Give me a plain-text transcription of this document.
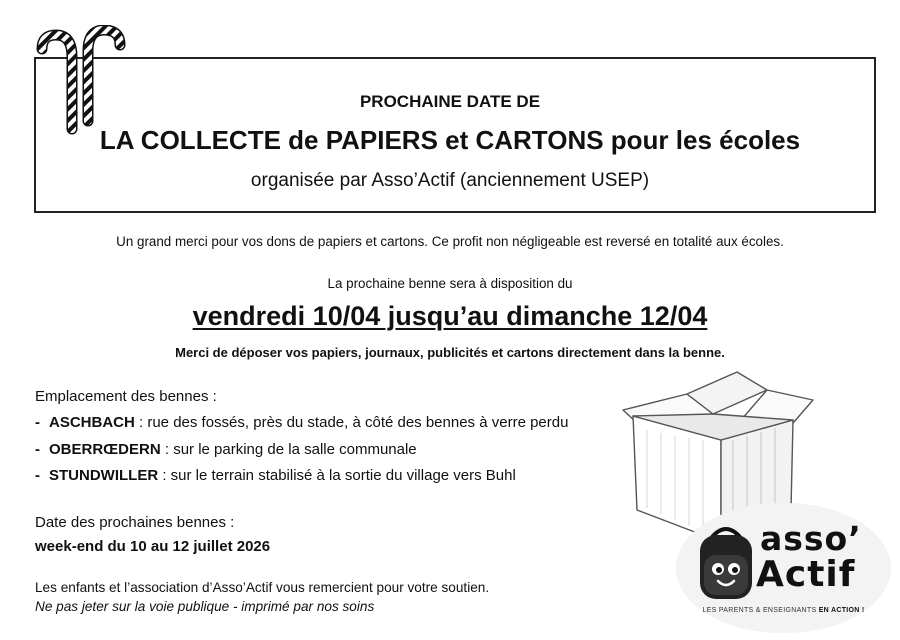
PROCHAINE DATE DE
LA COLLECTE de PAPIERS et CARTONS pour les écoles
organisée par Asso’Actif (anciennement USEP)
Un grand merci pour vos dons de papiers et cartons. Ce profit non négligeable est reversé en totalité aux écoles.
La prochaine benne sera à disposition du
vendredi 10/04 jusqu’au dimanche 12/04
Merci de déposer vos papiers, journaux, publicités et cartons directement dans la benne.
Emplacement des bennes :
- ASCHBACH : rue des fossés, près du stade, à côté des bennes à verre perdu
- OBERRŒDERN : sur le parking de la salle communale
- STUNDWILLER : sur le terrain stabilisé à la sortie du village vers Buhl
Date des prochaines bennes :
week-end du 10 au 12 juillet 2026
Les enfants et l’association d’Asso’Actif vous remercient pour votre soutien.
Ne pas jeter sur la voie publique - imprimé par nos soins
asso’
Actif
LES PARENTS & ENSEIGNANTS EN ACTION !
